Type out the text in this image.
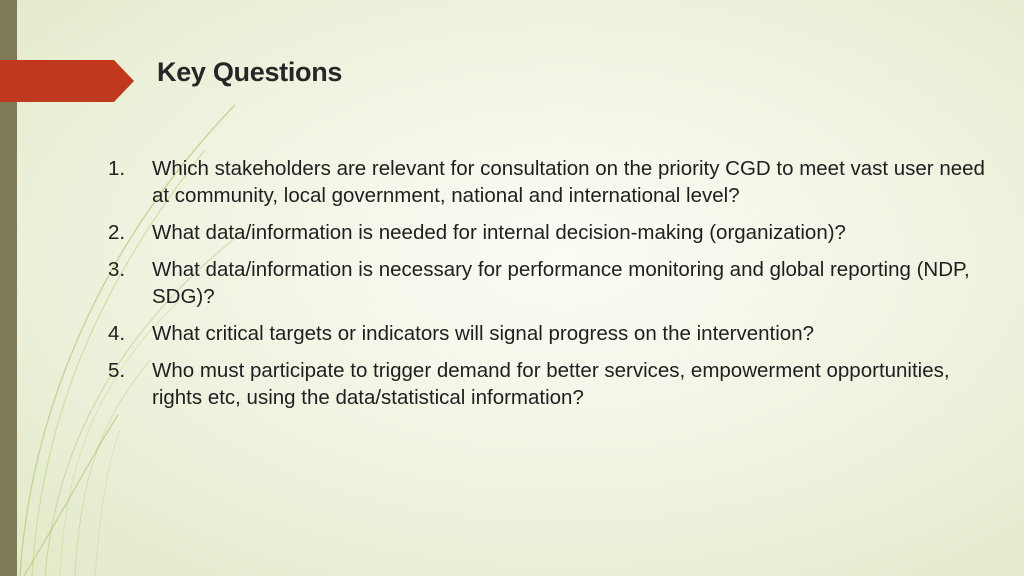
Key Questions
1. Which stakeholders are relevant for consultation on the priority CGD to meet vast user need at community, local government, national and international level?
2. What data/information is needed for internal decision-making (organization)?
3. What data/information is necessary for performance monitoring and global reporting (NDP, SDG)?
4. What critical targets or indicators will signal progress on the intervention?
5. Who must participate to trigger demand for better services, empowerment opportunities, rights etc, using the data/statistical information?
